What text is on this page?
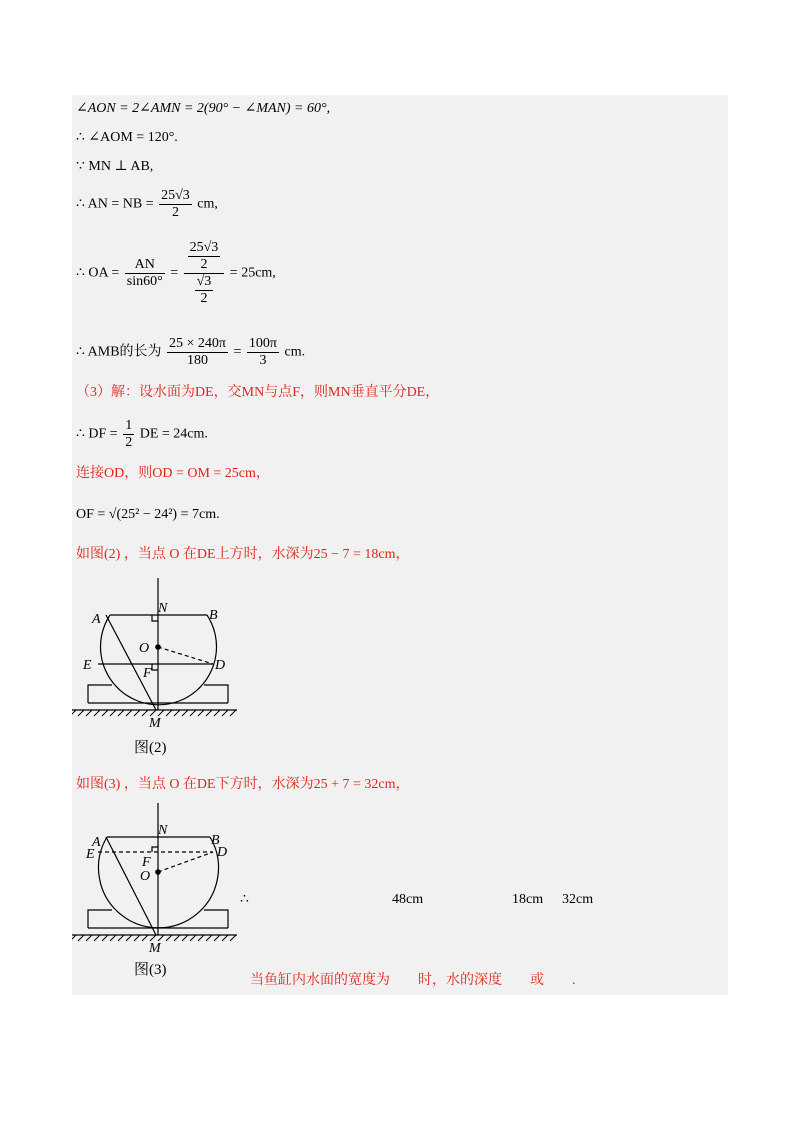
∠AON = 2∠AMN = 2(90° − ∠MAN) = 60°,
∴ ∠AOM = 120°.
∵ MN ⊥ AB,
∴ AN = NB = $\frac{25√3}{2}$ cm,
∴ OA = $\frac{AN}{\sin 60^\circ} = \frac{\frac{25√3}{2}}{\frac{√3}{2}} = 25cm$,
∴ AMB的长为 $\frac{25 \times 240\pi}{180} = \frac{100\pi}{3}$ cm.
（3）解：设水面为DE，交MN与点F，则MN垂直平分DE，
∴ DF = $\frac{1}{2}$ DE = 24cm.
连接OD，则OD = OM = 25cm，
OF = √(25² − 24²) = 7cm.
如图(2) ，当点 O 在DE上方时，水深为25 − 7 = 18cm，
A
N	B
O
E
F
D
M
图(2)
如图(3) ，当点 O 在DE下方时，水深为25 + 7 = 32cm，
A
N
B
E
F
D
O
M
∴	48cm	18cm 32cm
图(3)
当鱼缸内水面的宽度为        时，水的深度        或        .
